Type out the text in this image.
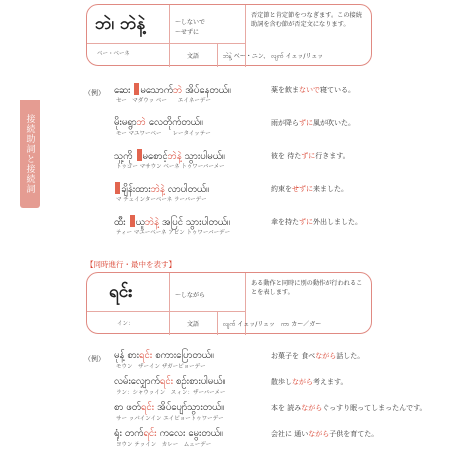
接続助詞と接続詞
ဘဲ၊ ဘဲနဲ့
ベー・ベーネ
〜しないで
〜せずに
否定節と肯定節をつなぎます。この接続助詞を含む節が否定文になります。
文語	ဘဲနဲ့ ベー・ニン、 လျက် イェッ/リェッ
（例） ဆေး မသောက်ဘဲ အိပ်နေတယ်။
セー　マダウッ ベー　　エイネーデー
薬を飲まないで寝ている。
မိုးမရွာဘဲ လေတိုက်တယ်။
モー マユワーベー　　レータイッテー
雨が降らずに風が吹いた。
သူ့ကို မစောင့်ဘဲနဲ့ သွားပါမယ်။
トゥゴー マサウン ベーネ トゥワーバーメー
彼を 待たずに行きます。
ချိန်းထားဘဲနဲ့ လာပါတယ်။
マ チェインターベーネ ラーバーデー
約束をせずに来ました。
ထီး ယူဘဲနဲ့ အပြင် သွားပါတယ်။
ティー マユーベーネ アピン トゥワーバーデー
傘を持たずに外出しました。
【同時進行・最中を表す】
ရင်း
イン：
〜しながら
ある動作と同時に別の動作が行われることを表します。
文語	လျက် イェッ/リェッ　ကာ カー／ガー
（例） မုန့် စားရင်း စကားပြောတယ်။
モウン　ザーイン ザガーピョーデー
お菓子を 食べながら話した。
လမ်းလျှောက်ရင်း စဉ်းစားပါမယ်။
ラン：シャウッイン　スィン：ザーバーメー
散歩しながら考えます。
စာ ဖတ်ရင်း အိပ်ပျော်သွားတယ်။
サー ッパインイン エイピョートゥワーデー
本を 読みながらぐっすり眠ってしまったんです。
ရုံး တက်ရင်း ကလေး မွေးတယ်။
ヨウン テッイン　カレー　ムェーデー
会社に 通いながら子供を育てた。
